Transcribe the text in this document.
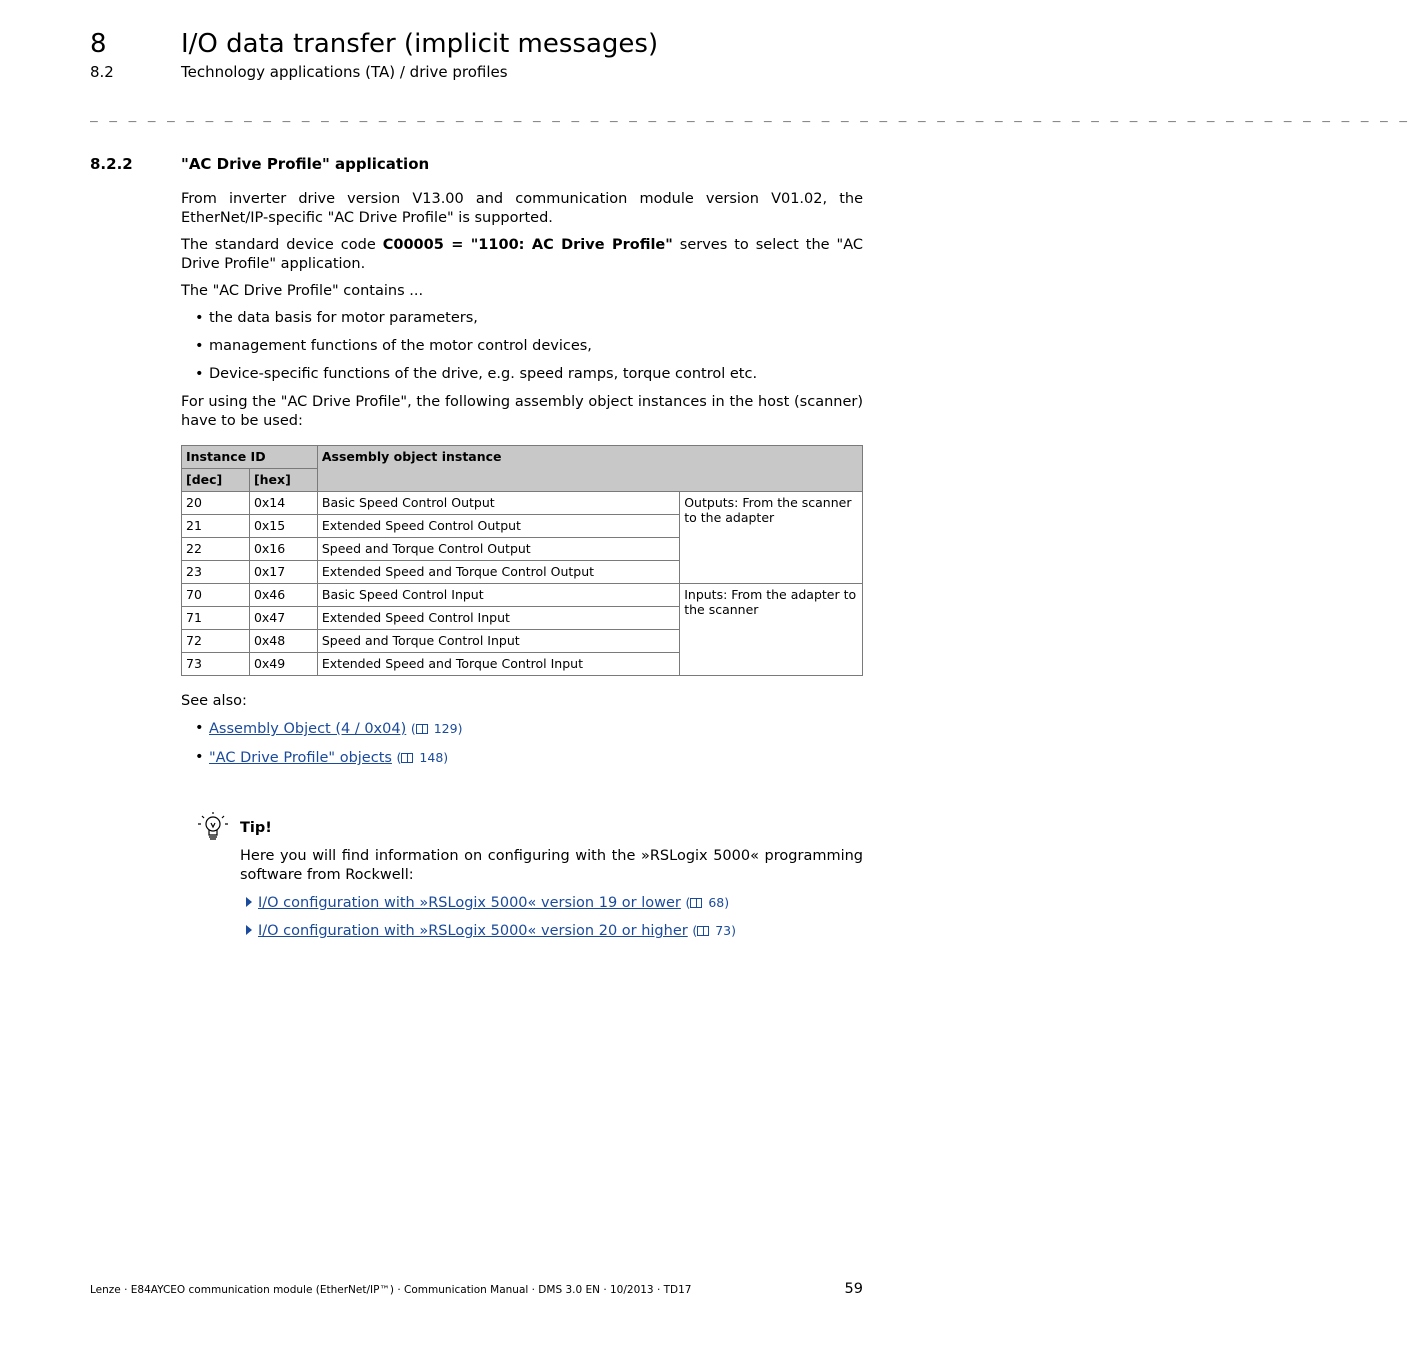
8	I/O data transfer (implicit messages)
8.2	Technology applications (TA) / drive profiles
_ _ _ _ _ _ _ _ _ _ _ _ _ _ _ _ _ _ _ _ _ _ _ _ _ _ _ _ _ _ _ _ _ _ _ _ _ _ _ _ _ _ _ _ _ _ _ _ _ _ _ _ _ _ _ _ _ _ _ _ _ _ _ _ _ _ _ _ _
8.2.2	"AC Drive Profile" application

From inverter drive version V13.00 and communication module version V01.02, the EtherNet/IP-specific "AC Drive Profile" is supported.

The standard device code C00005 = "1100: AC Drive Profile" serves to select the "AC Drive Profile" application.

The "AC Drive Profile" contains ...

• the data basis for motor parameters,
• management functions of the motor control devices,
• Device-specific functions of the drive, e.g. speed ramps, torque control etc.

For using the "AC Drive Profile", the following assembly object instances in the host (scanner) have to be used:

Instance ID		Assembly object instance	
[dec]	[hex]		
20	0x14	Basic Speed Control Output	Outputs: From the scanner to the adapter
21	0x15	Extended Speed Control Output	
22	0x16	Speed and Torque Control Output	
23	0x17	Extended Speed and Torque Control Output	
70	0x46	Basic Speed Control Input	Inputs: From the adapter to the scanner
71	0x47	Extended Speed Control Input	
72	0x48	Speed and Torque Control Input	
73	0x49	Extended Speed and Torque Control Input	

See also:

• Assembly Object (4 / 0x04) ( 129)
• "AC Drive Profile" objects ( 148)
Tip!

Here you will find information on configuring with the »RSLogix 5000« programming software from Rockwell:

I/O configuration with »RSLogix 5000« version 19 or lower ( 68)
I/O configuration with »RSLogix 5000« version 20 or higher ( 73)
Lenze · E84AYCEO communication module (EtherNet/IP™) · Communication Manual · DMS 3.0 EN · 10/2013 · TD17	59
